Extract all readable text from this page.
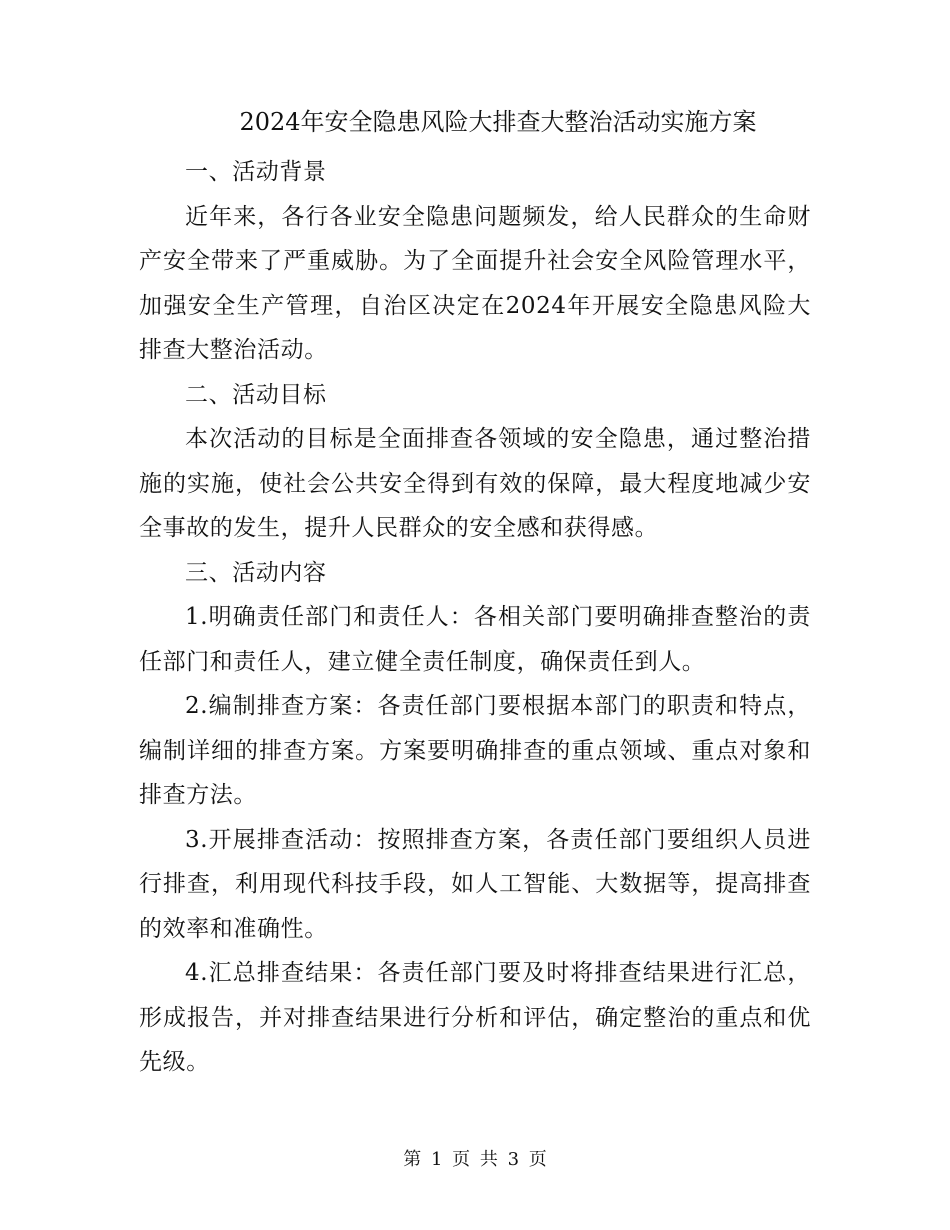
2024年安全隐患风险大排查大整治活动实施方案

一、活动背景

近年来，各行各业安全隐患问题频发，给人民群众的生命财产安全带来了严重威胁。为了全面提升社会安全风险管理水平，加强安全生产管理，自治区决定在2024年开展安全隐患风险大排查大整治活动。

二、活动目标

本次活动的目标是全面排查各领域的安全隐患，通过整治措施的实施，使社会公共安全得到有效的保障，最大程度地减少安全事故的发生，提升人民群众的安全感和获得感。

三、活动内容

1.明确责任部门和责任人：各相关部门要明确排查整治的责任部门和责任人，建立健全责任制度，确保责任到人。

2.编制排查方案：各责任部门要根据本部门的职责和特点，编制详细的排查方案。方案要明确排查的重点领域、重点对象和排查方法。

3.开展排查活动：按照排查方案，各责任部门要组织人员进行排查，利用现代科技手段，如人工智能、大数据等，提高排查的效率和准确性。

4.汇总排查结果：各责任部门要及时将排查结果进行汇总，形成报告，并对排查结果进行分析和评估，确定整治的重点和优先级。

第 1 页 共 3 页
